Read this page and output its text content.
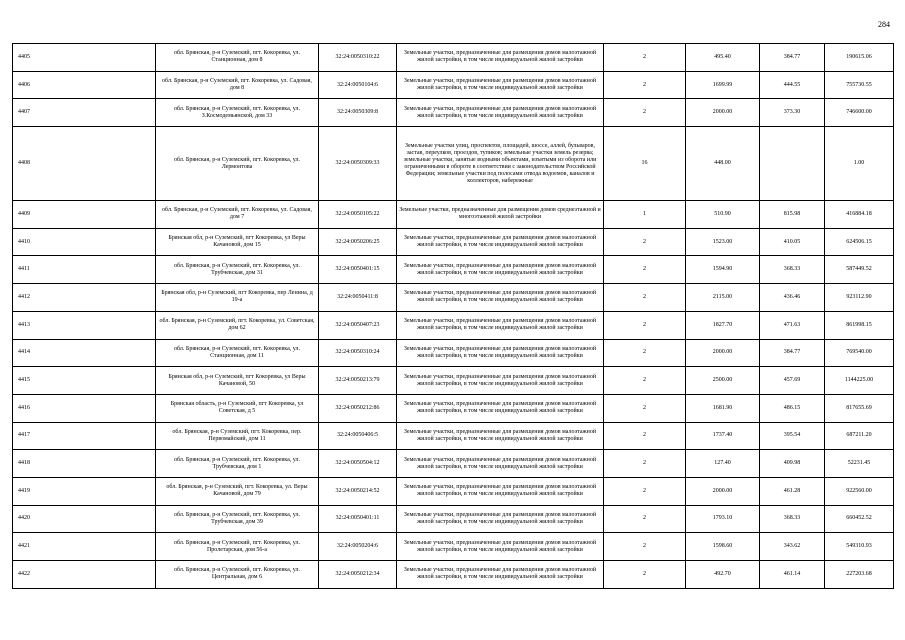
284
4405	обл. Брянская, р-н Суземский, пгт. Кокоревка, ул. Станционная, дом 8	32:24:0050310:22	Земельные участки, предназначенные для размещения домов малоэтажной жилой застройки, в том числе индивидуальной жилой застройки	2	495.40	384.77	190615.06
4406	обл. Брянская, р-н Суземский, пгт. Кокоревка, ул. Садовая, дом 8	32:24:0050104:6	Земельные участки, предназначенные для размещения домов малоэтажной жилой застройки, в том числе индивидуальной жилой застройки	2	1699.99	444.55	755730.55
4407	обл. Брянская, р-н Суземский, пгт. Кокоревка, ул. З.Космодемьянской, дом 33	32:24:0050309:8	Земельные участки, предназначенные для размещения домов малоэтажной жилой застройки, в том числе индивидуальной жилой застройки	2	2000.00	373.30	746600.00
4408	обл. Брянская, р-н Суземский, пгт. Кокоревка, ул. Лермонтова	32:24:0050309:33	Земельные участки улиц, проспектов, площадей, шоссе, аллей, бульваров, застав, переулков, проездов, тупиков; земельные участки земель резерва; земельные участки, занятые водными объектами, изъятыми из оборота или ограниченными в обороте в соответствии с законодательством Российской Федерации; земельные участки под полосами отвода водоемов, каналов и коллекторов, набережные	16	448.00		1.00
4409	обл. Брянская, р-н Суземский, пгт. Кокоревка, ул. Садовая, дом 7	32:24:0050105:22	Земельные участки, предназначенные для размещения домов среднеэтажной и многоэтажной жилой застройки	1	510.90	815.98	416884.18
4410	Брянская обл, р-н Суземский, пгт Кокоревка, ул Веры Качановой, дом 15	32:24:0050206:25	Земельные участки, предназначенные для размещения домов малоэтажной жилой застройки, в том числе индивидуальной жилой застройки	2	1523.00	410.05	624506.15
4411	обл. Брянская, р-н Суземский, пгт. Кокоревка, ул. Трубчевская, дом 31	32:24:0050401:15	Земельные участки, предназначенные для размещения домов малоэтажной жилой застройки, в том числе индивидуальной жилой застройки	2	1594.90	368.33	587449.52
4412	Брянская обл, р-н Суземский, пгт Кокоревка, пер Ленина, д 19-а	32:24:0050411:8	Земельные участки, предназначенные для размещения домов малоэтажной жилой застройки, в том числе индивидуальной жилой застройки	2	2115.00	436.46	923112.90
4413	обл. Брянская, р-н Суземский, пгт. Кокоревка, ул. Советская, дом 62	32:24:0050407:23	Земельные участки, предназначенные для размещения домов малоэтажной жилой застройки, в том числе индивидуальной жилой застройки	2	1827.70	471.63	861998.15
4414	обл. Брянская, р-н Суземский, пгт. Кокоревка, ул. Станционная, дом 11	32:24:0050310:24	Земельные участки, предназначенные для размещения домов малоэтажной жилой застройки, в том числе индивидуальной жилой застройки	2	2000.00	384.77	769540.00
4415	Брянская обл, р-н Суземский, пгт Кокоревка, ул Веры Качановой, 50	32:24:0050213:79	Земельные участки, предназначенные для размещения домов малоэтажной жилой застройки, в том числе индивидуальной жилой застройки	2	2500.00	457.69	1144225.00
4416	Брянская область, р-н Суземский, пгт Кокоревка, ул Советская, д 5	32:24:0050212:86	Земельные участки, предназначенные для размещения домов малоэтажной жилой застройки, в том числе индивидуальной жилой застройки	2	1681.90	486.15	817655.69
4417	обл. Брянская, р-н Суземский, пгт. Кокоревка, пер. Первомайский, дом 11	32:24:0050406:5	Земельные участки, предназначенные для размещения домов малоэтажной жилой застройки, в том числе индивидуальной жилой застройки	2	1737.40	395.54	687211.20
4418	обл. Брянская, р-н Суземский, пгт. Кокоревка, ул. Трубчевская, дом 1	32:24:0050504:12	Земельные участки, предназначенные для размещения домов малоэтажной жилой застройки, в том числе индивидуальной жилой застройки	2	127.40	409.98	52231.45
4419	обл. Брянская, р-н Суземский, пгт. Кокоревка, ул. Веры Качановой, дом 79	32:24:0050214:52	Земельные участки, предназначенные для размещения домов малоэтажной жилой застройки, в том числе индивидуальной жилой застройки	2	2000.00	461.28	922560.00
4420	обл. Брянская, р-н Суземский, пгт. Кокоревка, ул. Трубчевская, дом 39	32:24:0050401:11	Земельные участки, предназначенные для размещения домов малоэтажной жилой застройки, в том числе индивидуальной жилой застройки	2	1793.10	368.33	660452.52
4421	обл. Брянская, р-н Суземский, пгт. Кокоревка, ул. Пролетарская, дом 56-а	32:24:0050204:6	Земельные участки, предназначенные для размещения домов малоэтажной жилой застройки, в том числе индивидуальной жилой застройки	2	1598.60	343.62	549310.93
4422	обл. Брянская, р-н Суземский, пгт. Кокоревка, ул. Центральная, дом 6	32:24:0050212:34	Земельные участки, предназначенные для размещения домов малоэтажной жилой застройки, в том числе индивидуальной жилой застройки	2	492.70	461.14	227203.68
